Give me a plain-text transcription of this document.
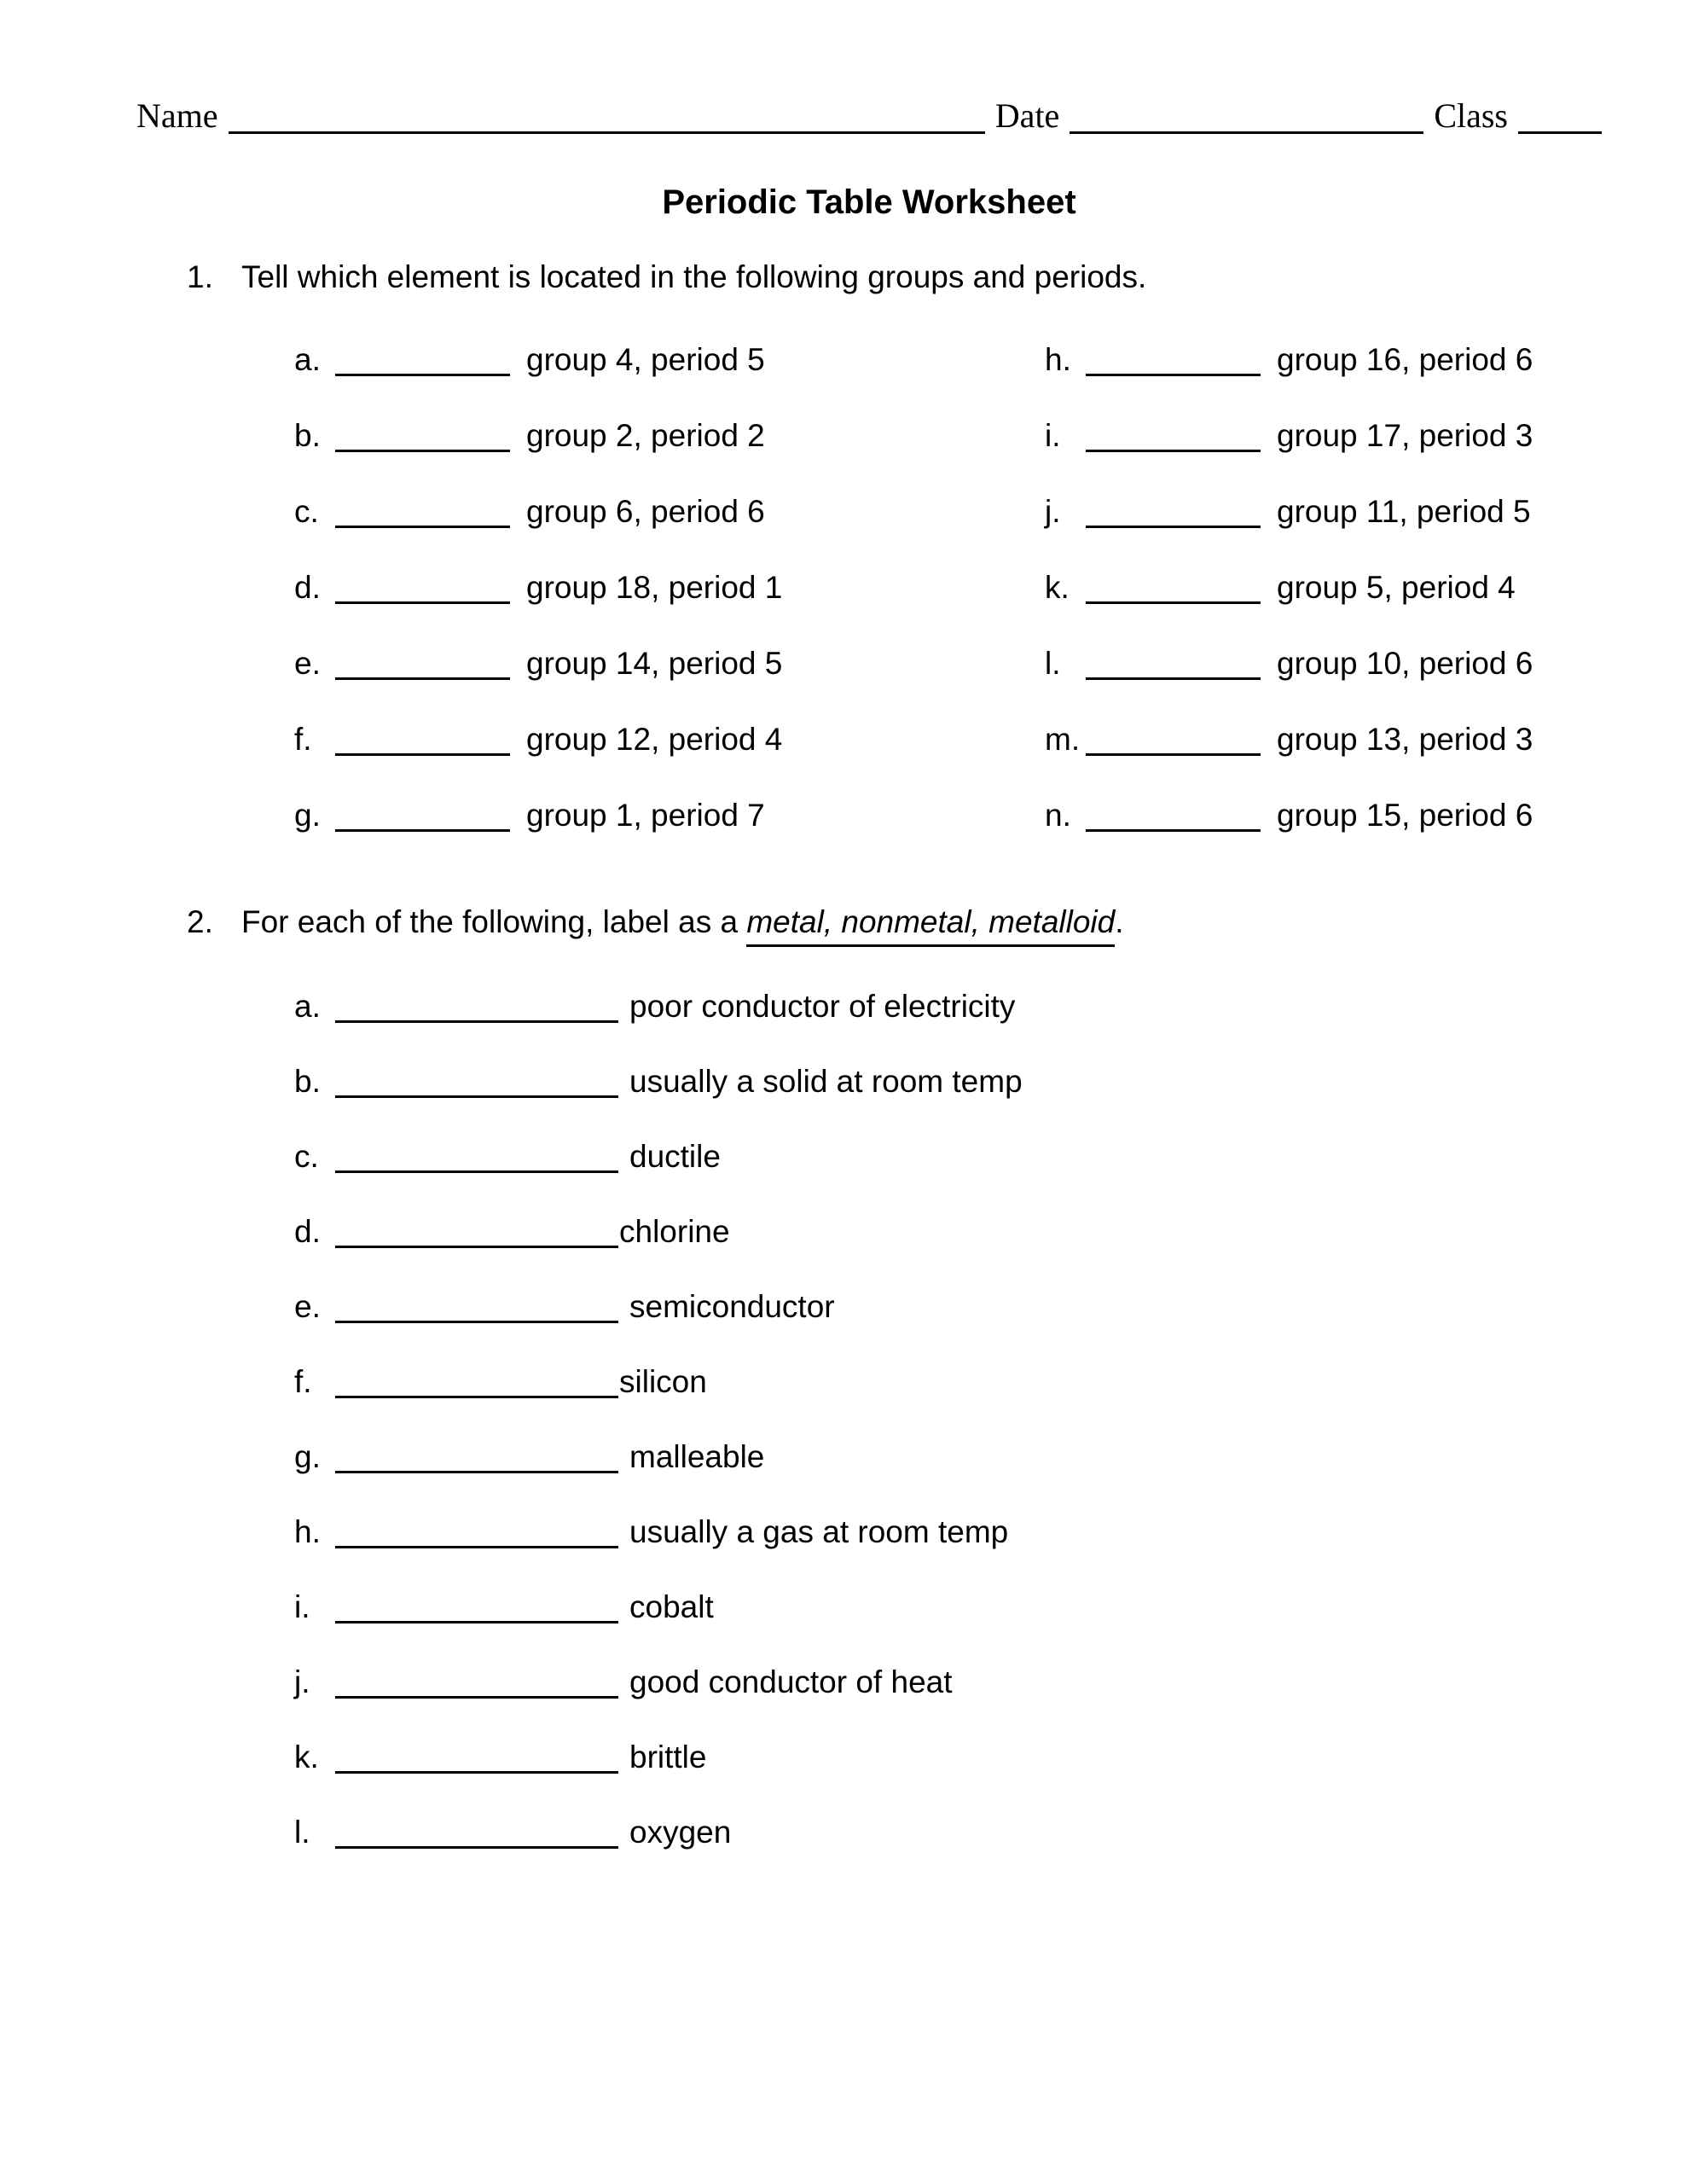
Name	Date	Class
Periodic Table Worksheet
1. Tell which element is located in the following groups and periods.
a.	group 4, period 5
b.	group 2, period 2
c.	group 6, period 6
d.	group 18, period 1
e.	group 14, period 5
f.	group 12, period 4
g.	group 1, period 7
h.	group 16, period 6
i.	group 17, period 3
j.	group 11, period 5
k.	group 5, period 4
l.	group 10, period 6
m.	group 13, period 3
n.	group 15, period 6
2. For each of the following, label as a metal, nonmetal, metalloid.
a.	poor conductor of electricity
b.	usually a solid at room temp
c.	ductile
d.	chlorine
e.	semiconductor
f.	silicon
g.	malleable
h.	usually a gas at room temp
i.	cobalt
j.	good conductor of heat
k.	brittle
l.	oxygen
